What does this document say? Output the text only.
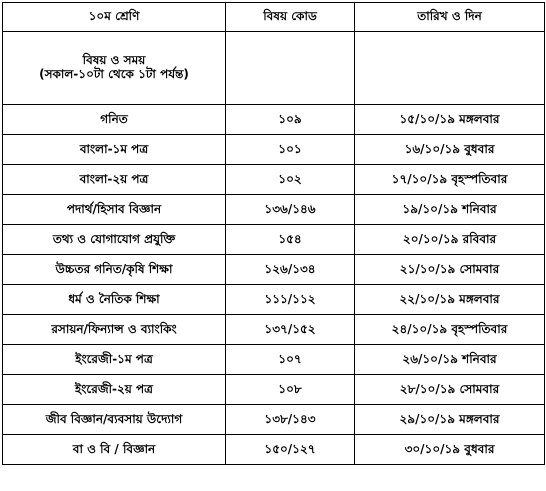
১০ম শ্রেণি	বিষয় কোড	তারিখ ও দিন

বিষয় ও সময়
(সকাল-১০টা থেকে ১টা পর্যন্ত)		

গনিত	১০৯	১৫/১০/১৯ মঙ্গলবার
বাংলা-১ম পত্র	১০১	১৬/১০/১৯ বুধবার
বাংলা-২য় পত্র	১০২	১৭/১০/১৯ বৃহস্পতিবার
পদার্থ/হিসাব বিজ্ঞান	১৩৬/১৪৬	১৯/১০/১৯ শনিবার
তথ্য ও যোগাযোগ প্রযুক্তি	১৫৪	২০/১০/১৯ রবিবার
উচ্চতর গনিত/কৃষি শিক্ষা	১২৬/১৩৪	২১/১০/১৯ সোমবার
ধর্ম ও নৈতিক শিক্ষা	১১১/১১২	২২/১০/১৯ মঙ্গলবার
রসায়ন/ফিন্যান্স ও ব্যাংকিং	১৩৭/১৫২	২৪/১০/১৯ বৃহস্পতিবার
ইংরেজী-১ম পত্র	১০৭	২৬/১০/১৯ শনিবার
ইংরেজী-২য় পত্র	১০৮	২৮/১০/১৯ সোমবার
জীব বিজ্ঞান/ব্যবসায় উদ্যোগ	১৩৮/১৪৩	২৯/১০/১৯ মঙ্গলবার
বা ও বি / বিজ্ঞান	১৫০/১২৭	৩০/১০/১৯ বুধবার
